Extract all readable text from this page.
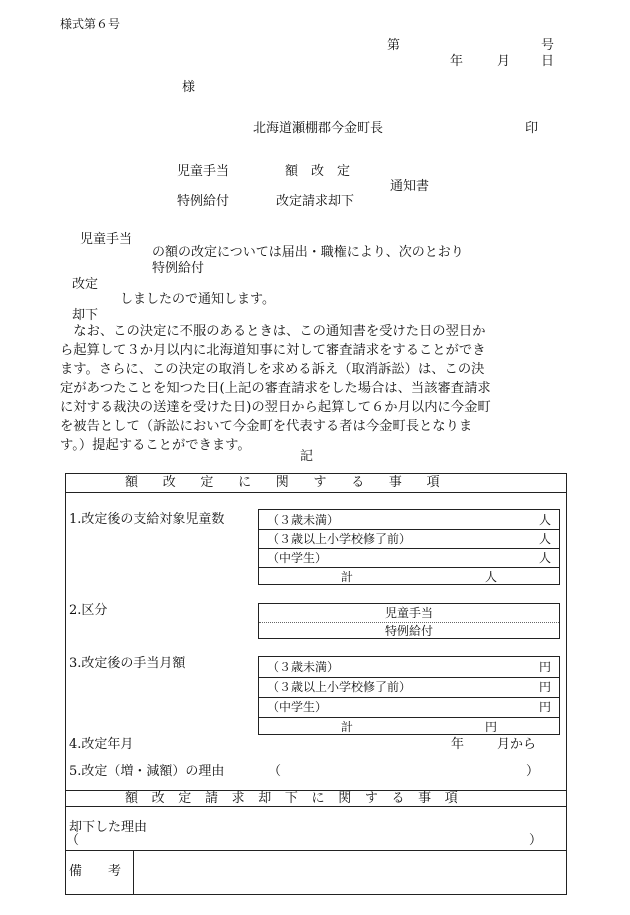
様式第６号
第	号
年	月 日
様
北海道瀬棚郡今金町長	印
児童手当	額　改　定
通知書
特例給付	改定請求却下
児童手当
の額の改定については届出・職権により、次のとおり
特例給付
改定
しましたので通知します。
却下
　なお、この決定に不服のあるときは、この通知書を受けた日の翌日か
ら起算して３か月以内に北海道知事に対して審査請求をすることができ
ます。さらに、この決定の取消しを求める訴え（取消訴訟）は、この決
定があつたことを知つた日(上記の審査請求をした場合は、当該審査請求
に対する裁決の送達を受けた日)の翌日から起算して６か月以内に今金町
を被告として（訴訟において今金町を代表する者は今金町長となりま
す。）提起することができます。
記
額改定に関する事項
1.改定後の支給対象児童数	（３歳未満）	人
（３歳以上小学校修了前）	人
（中学生）	人
計	人
2.区分	児童手当
特例給付
3.改定後の手当月額	（３歳未満）	円
（３歳以上小学校修了前）	円
（中学生）	円
計	円
4.改定年月	年	月から
5.改定（増・減額）の理由	（	）
額改定請求却下に関する事項
却下した理由
（	）
備　　考
